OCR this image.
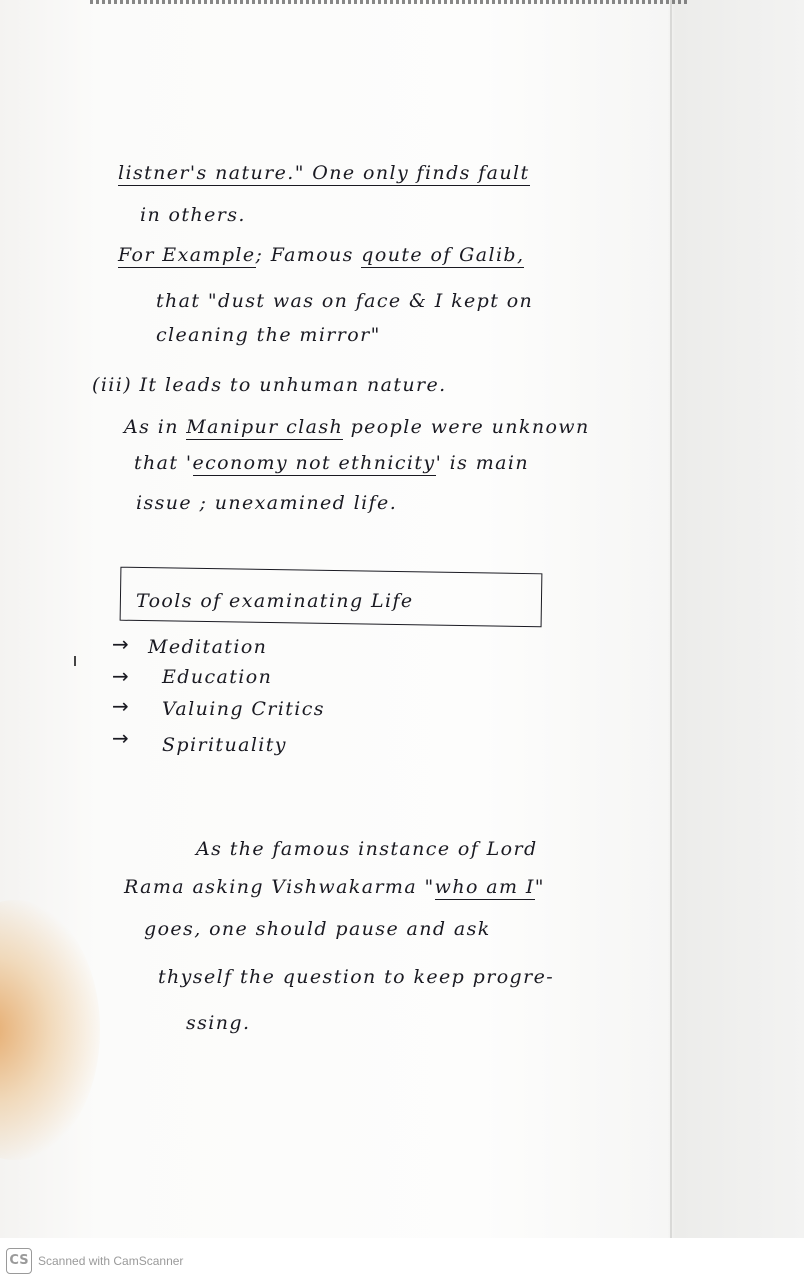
listner's nature." One only finds fault
in others.
For Example; Famous qoute of Galib,
that "dust was on face & I kept on
cleaning the mirror"
(iii) It leads to unhuman nature.
As in Manipur clash people were unknown
that 'economy not ethnicity' is main
issue ; unexamined life.
Tools of examinating Life
→ Meditation
→ Education
→ Valuing Critics
→ Spirituality
As the famous instance of Lord
Rama asking Vishwakarma "who am I"
goes, one should pause and ask
thyself the question to keep progre-
ssing.
CS Scanned with CamScanner
